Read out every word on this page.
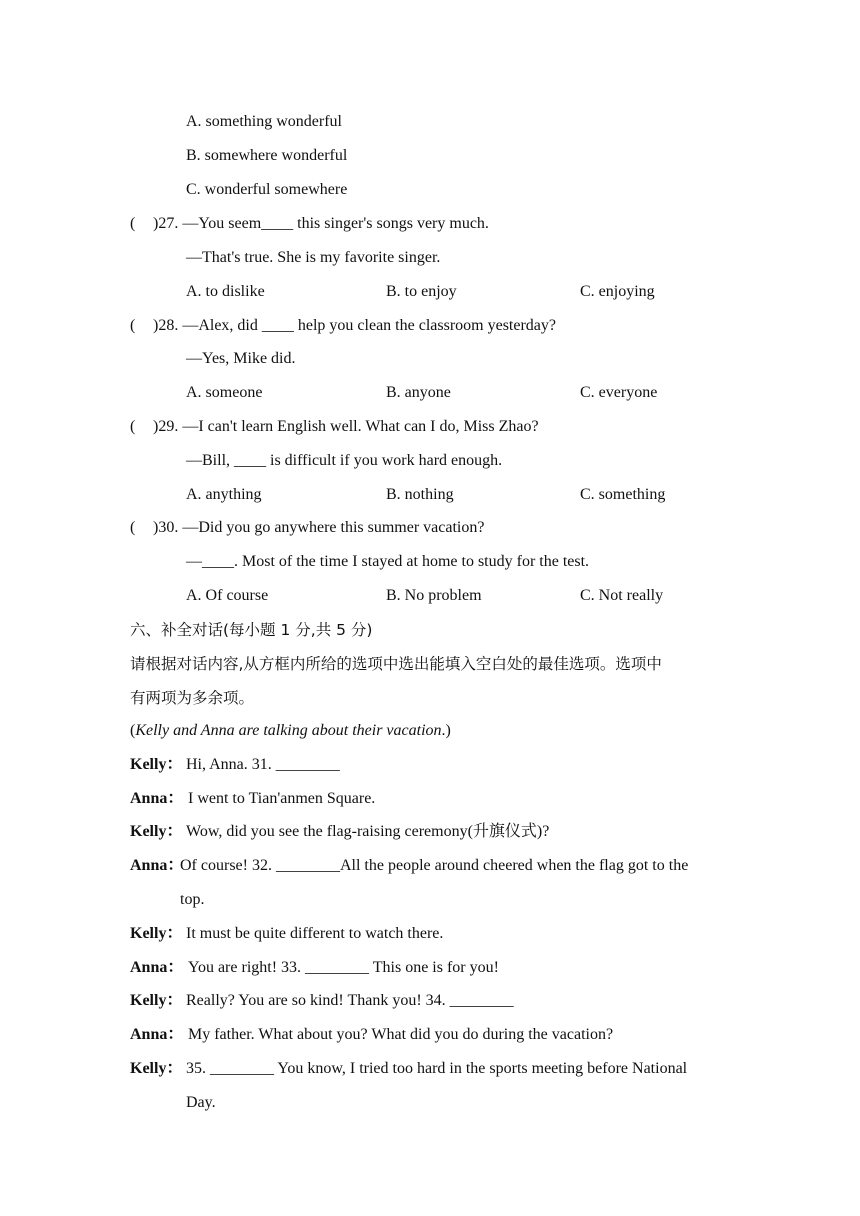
A. something wonderful
B. somewhere wonderful
C. wonderful somewhere
( )27. —You seem____ this singer's songs very much.
—That's true. She is my favorite singer.
A. to dislike	B. to enjoy	C. enjoying
( )28. —Alex, did ____ help you clean the classroom yesterday?
—Yes, Mike did.
A. someone	B. anyone	C. everyone
( )29. —I can't learn English well. What can I do, Miss Zhao?
—Bill, ____ is difficult if you work hard enough.
A. anything	B. nothing	C. something
( )30. —Did you go anywhere this summer vacation?
—____. Most of the time I stayed at home to study for the test.
A. Of course	B. No problem	C. Not really
六、补全对话(每小题 1 分,共 5 分)
请根据对话内容,从方框内所给的选项中选出能填入空白处的最佳选项。选项中
有两项为多余项。
(Kelly and Anna are talking about their vacation.)
Kelly： Hi, Anna. 31. ________
Anna： I went to Tian'anmen Square.
Kelly： Wow, did you see the flag-raising ceremony(升旗仪式)?
Anna：
Of course! 32. ________All the people around cheered when the flag got to the
top.
Kelly： It must be quite different to watch there.
Anna： You are right! 33. ________ This one is for you!
Kelly： Really? You are so kind! Thank you! 34. ________
Anna： My father. What about you? What did you do during the vacation?
Kelly： 35. ________ You know, I tried too hard in the sports meeting before National
Day.
